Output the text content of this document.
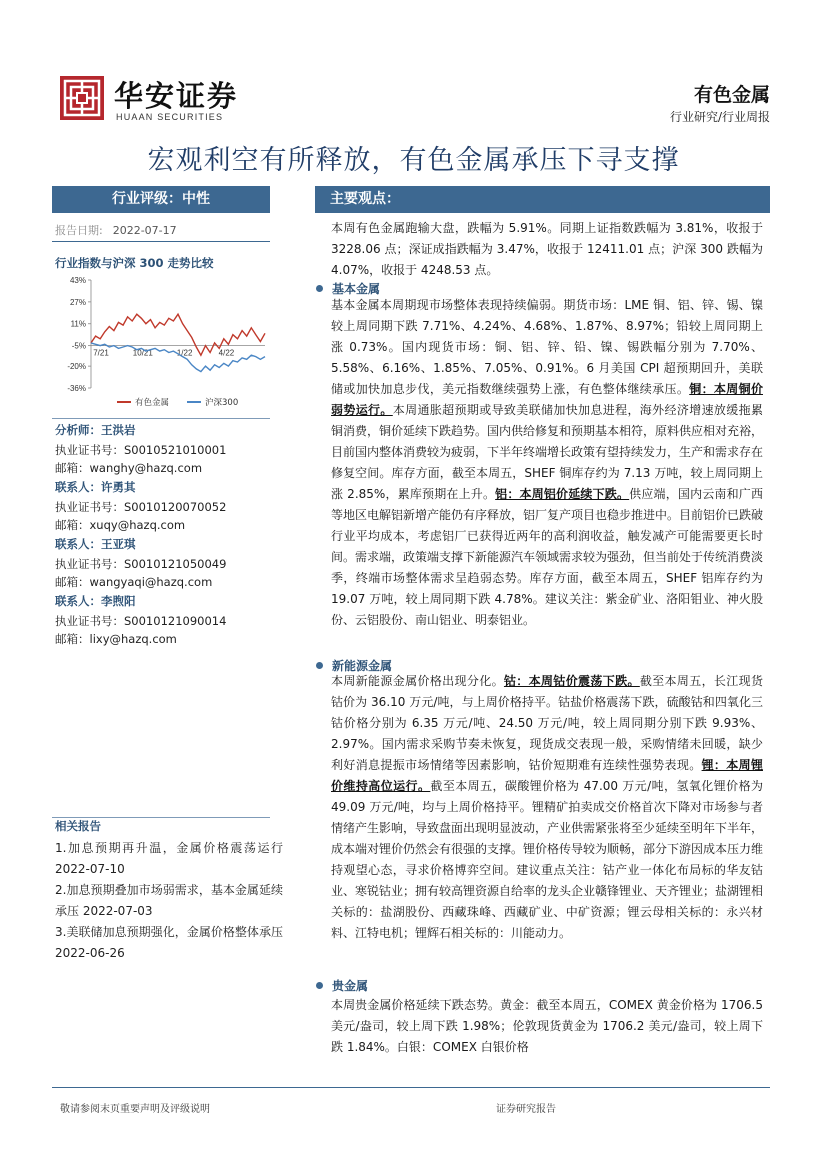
华安证券
HUAAN SECURITIES
有色金属
行业研究/行业周报
宏观利空有所释放，有色金属承压下寻支撑
行业评级：中性
报告日期: 2022-07-17
行业指数与沪深 300 走势比较
43%
27%
11%
-5%
-20%
-36%
7/21	10/21	1/22	4/22
有色金属	沪深300
分析师：王洪岩
执业证书号：S0010521010001
邮箱：wanghy@hazq.com
联系人：许勇其
执业证书号：S0010120070052
邮箱：xuqy@hazq.com
联系人：王亚琪
执业证书号：S0010121050049
邮箱：wangyaqi@hazq.com
联系人：李煦阳
执业证书号：S0010121090014
邮箱：lixy@hazq.com
相关报告
1.加息预期再升温，金属价格震荡运行 2022-07-10
2.加息预期叠加市场弱需求，基本金属延续承压 2022-07-03
3.美联储加息预期强化，金属价格整体承压 2022-06-26
主要观点：
本周有色金属跑输大盘，跌幅为 5.91%。同期上证指数跌幅为 3.81%，收报于 3228.06 点；深证成指跌幅为 3.47%，收报于 12411.01 点；沪深 300 跌幅为 4.07%，收报于 4248.53 点。
基本金属
基本金属本周期现市场整体表现持续偏弱。期货市场：LME 铜、铝、锌、锡、镍较上周同期下跌 7.71%、4.24%、4.68%、1.87%、8.97%；铅较上周同期上涨 0.73%。国内现货市场：铜、铝、锌、铅、镍、锡跌幅分别为 7.70%、5.58%、6.16%、1.85%、7.05%、0.91%。6 月美国 CPI 超预期回升，美联储或加快加息步伐，美元指数继续强势上涨，有色整体继续承压。铜：本周铜价弱势运行。本周通胀超预期或导致美联储加快加息进程，海外经济增速放缓拖累铜消费，铜价延续下跌趋势。国内供给修复和预期基本相符，原料供应相对充裕，目前国内整体消费较为疲弱，下半年终端增长政策有望持续发力，生产和需求存在修复空间。库存方面，截至本周五，SHEF 铜库存约为 7.13 万吨，较上周同期上涨 2.85%，累库预期在上升。铝：本周铝价延续下跌。供应端，国内云南和广西等地区电解铝新增产能仍有序释放，铝厂复产项目也稳步推进中。目前铝价已跌破行业平均成本，考虑铝厂已获得近两年的高利润收益，触发减产可能需要更长时间。需求端，政策端支撑下新能源汽车领域需求较为强劲，但当前处于传统消费淡季，终端市场整体需求呈趋弱态势。库存方面，截至本周五，SHEF 铝库存约为 19.07 万吨，较上周同期下跌 4.78%。建议关注：紫金矿业、洛阳钼业、神火股份、云铝股份、南山铝业、明泰铝业。
新能源金属
本周新能源金属价格出现分化。钴：本周钴价震荡下跌。截至本周五，长江现货钴价为 36.10 万元/吨，与上周价格持平。钴盐价格震荡下跌，硫酸钴和四氧化三钴价格分别为 6.35 万元/吨、24.50 万元/吨，较上周同期分别下跌 9.93%、2.97%。国内需求采购节奏未恢复，现货成交表现一般，采购情绪未回暖，缺少利好消息提振市场情绪等因素影响，钴价短期难有连续性强势表现。锂：本周锂价维持高位运行。截至本周五，碳酸锂价格为 47.00 万元/吨，氢氧化锂价格为 49.09 万元/吨，均与上周价格持平。锂精矿拍卖成交价格首次下降对市场参与者情绪产生影响，导致盘面出现明显波动，产业供需紧张将至少延续至明年下半年，成本端对锂价仍然会有很强的支撑。锂价格传导较为顺畅，部分下游因成本压力维持观望心态，寻求价格博弈空间。建议重点关注：钴产业一体化布局标的华友钴业、寒锐钴业；拥有较高锂资源自给率的龙头企业赣锋锂业、天齐锂业；盐湖锂相关标的：盐湖股份、西藏珠峰、西藏矿业、中矿资源；锂云母相关标的：永兴材料、江特电机；锂辉石相关标的：川能动力。
贵金属
本周贵金属价格延续下跌态势。黄金：截至本周五，COMEX 黄金价格为 1706.5 美元/盎司，较上周下跌 1.98%；伦敦现货黄金为 1706.2 美元/盎司，较上周下跌 1.84%。白银：COMEX 白银价格
敬请参阅末页重要声明及评级说明	证券研究报告
